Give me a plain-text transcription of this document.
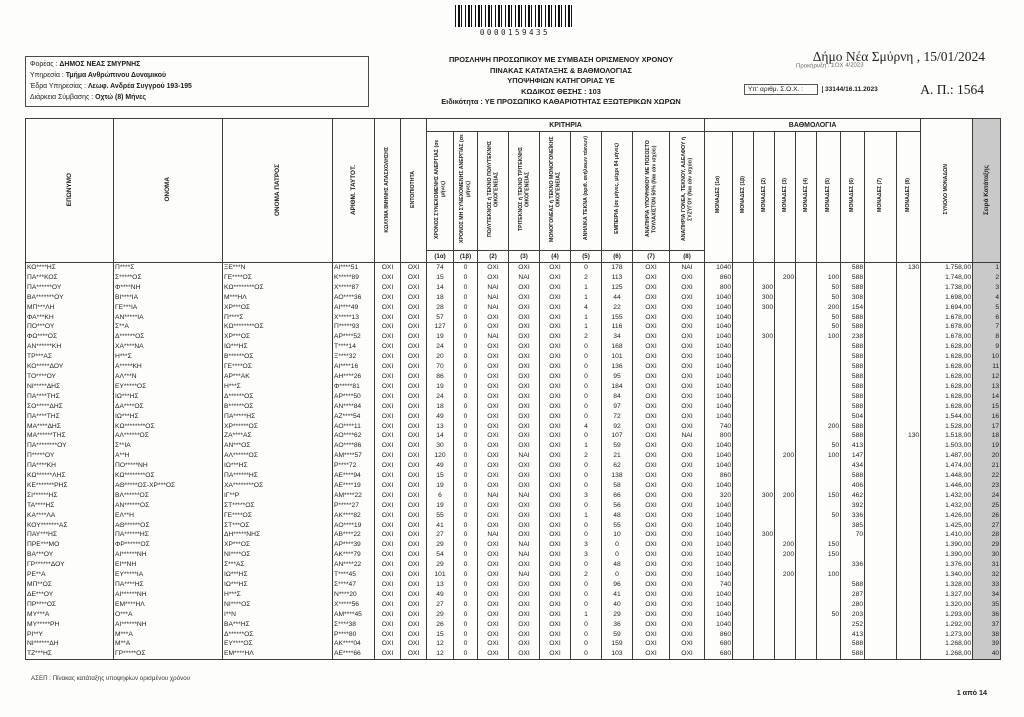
0000159435
Φορέας : ΔΗΜΟΣ ΝΕΑΣ ΣΜΥΡΝΗΣ
Υπηρεσία : Τμήμα Ανθρώπινου Δυναμικού
Έδρα Υπηρεσίας : Λεωφ. Ανδρέα Συγγρού 193-195
Διάρκεια Σύμβασης : Οχτώ (8) Μήνες
ΠΡΟΣΛΗΨΗ ΠΡΟΣΩΠΙΚΟΥ ΜΕ ΣΥΜΒΑΣΗ ΟΡΙΣΜΕΝΟΥ ΧΡΟΝΟΥ
ΠΙΝΑΚΑΣ ΚΑΤΑΤΑΞΗΣ & ΒΑΘΜΟΛΟΓΙΑΣ
ΥΠΟΨΗΦΙΩΝ ΚΑΤΗΓΟΡΙΑΣ ΥΕ
ΚΩΔΙΚΟΣ ΘΕΣΗΣ : 103
Ειδικότητα : ΥΕ ΠΡΟΣΩΠΙΚΟ ΚΑΘΑΡΙΟΤΗΤΑΣ ΕΞΩΤΕΡΙΚΩΝ ΧΩΡΩΝ
Δήμο Νέα Σμύρνη , 15/01/2024
Προκήρυξη : ΣΟΧ 4/2023
Υπ' αριθμ. Σ.Ο.Χ. :	33144/16.11.2023	Α. Π.: 1564
ΕΠΩΝΥΜΟ	ΟΝΟΜΑ	ΟΝΟΜΑ ΠΑΤΡΟΣ	ΑΡΙΘΜ. ΤΑΥΤΟΤ.	ΚΩΛΥΜΑ 8ΜΗΝΗΣ ΑΠΑΣΧΟΛΗΣΗΣ	ΕΝΤΟΠΙΟΤΗΤΑ	ΚΡΙΤΗΡΙΑ									ΒΑΘΜΟΛΟΓΙΑ									ΣΥΝΟΛΟ ΜΟΝΑΔΩΝ	Σειρά Κατάταξης
						ΧΡΟΝΟΣ ΣΥΝΕΧΟΜΕΝΗΣ ΑΝΕΡΓΙΑΣ (σε μήνες)	ΧΡΟΝΟΣ ΜΗ ΣΥΝΕΧΟΜΕΝΗΣ ΑΝΕΡΓΙΑΣ (σε μήνες)	ΠΟΛΥΤΕΚΝΟΣ ή ΤΕΚΝΟ ΠΟΛΥΤΕΚΝΗΣ ΟΙΚΟΓΕΝΕΙΑΣ	ΤΡΙΤΕΚΝΟΣ ή ΤΕΚΝΟ ΤΡΙΤΕΚΝΗΣ ΟΙΚΟΓΕΝΕΙΑΣ	ΜΟΝΟΓΟΝΕΑΣ ή ΤΕΚΝΟ ΜΟΝΟΓΟΝΕΪΚΗΣ ΟΙΚΟΓΕΝΕΙΑΣ	ΑΝΗΛΙΚΑ ΤΕΚΝΑ (αριθ. ανήλικων τέκνων)	ΕΜΠΕΙΡΙΑ (σε μήνες, μέχρι 84 μήνες)	ΑΝΑΠΗΡΙΑ ΥΠΟΨΗΦΙΟΥ ΜΕ ΠΟΣΟΣΤΟ ΤΟΥΛΑΧΙΣΤΟΝ 50% (Ναι εάν ισχύει)	ΑΝΑΠΗΡΙΑ ΓΟΝΕΑ, ΤΕΚΝΟΥ, ΑΔΕΛΦΟΥ ή ΣΥΖΥΓΟΥ (Ναι εάν ισχύει)	ΜΟΝΑΔΕΣ (1α)	ΜΟΝΑΔΕΣ (1β)	ΜΟΝΑΔΕΣ (2)	ΜΟΝΑΔΕΣ (3)	ΜΟΝΑΔΕΣ (4)	ΜΟΝΑΔΕΣ (5)	ΜΟΝΑΔΕΣ (6)	ΜΟΝΑΔΕΣ (7)	ΜΟΝΑΔΕΣ (8)		
						(1α)	(1β)	(2)	(3)	(4)	(5)	(6)	(7)	(8)											
ΚΟ****ΗΣ	Π****Σ	ΞΕ***Ν	ΑΙ****51	ΟΧΙ	ΟΧΙ	74	0	ΟΧΙ	ΟΧΙ	ΟΧΙ	0	178	ΟΧΙ	ΝΑΙ	1040						588		130	1.758,00	1
ΠΑ***ΚΟΣ	Σ*****ΟΣ	ΓΕ****ΟΣ	Κ*****89	ΟΧΙ	ΟΧΙ	15	0	ΟΧΙ	ΝΑΙ	ΟΧΙ	2	113	ΟΧΙ	ΟΧΙ	860			200		100	588			1.748,00	2
ΠΑ******ΟΥ	Φ****ΝΗ	ΚΩ********ΟΣ	Χ*****87	ΟΧΙ	ΟΧΙ	14	0	ΝΑΙ	ΟΧΙ	ΟΧΙ	1	125	ΟΧΙ	ΟΧΙ	800		300			50	588			1.738,00	3
ΒΑ*******ΟΥ	ΒΙ****ΙΑ	Μ***ΗΛ	ΑΟ****36	ΟΧΙ	ΟΧΙ	18	0	ΝΑΙ	ΟΧΙ	ΟΧΙ	1	44	ΟΧΙ	ΟΧΙ	1040		300			50	308			1.698,00	4
ΜΠ***ΛΗ	ΓΕ***ΙΑ	ΧΡ***ΟΣ	ΑΙ****49	ΟΧΙ	ΟΧΙ	28	0	ΝΑΙ	ΟΧΙ	ΟΧΙ	4	22	ΟΧΙ	ΟΧΙ	1040		300			200	154			1.694,00	5
ΦΑ***ΚΗ	ΑΝ*****ΙΑ	Π****Σ	Χ*****13	ΟΧΙ	ΟΧΙ	57	0	ΟΧΙ	ΟΧΙ	ΟΧΙ	1	155	ΟΧΙ	ΟΧΙ	1040					50	588			1.678,00	6
ΠΟ***ΟΥ	Σ**Α	ΚΩ********ΟΣ	Π*****93	ΟΧΙ	ΟΧΙ	127	0	ΟΧΙ	ΟΧΙ	ΟΧΙ	1	116	ΟΧΙ	ΟΧΙ	1040					50	588			1.678,00	7
ΦΩ****ΟΣ	Δ******ΟΣ	ΧΡ***ΟΣ	ΑΡ****52	ΟΧΙ	ΟΧΙ	19	0	ΝΑΙ	ΟΧΙ	ΟΧΙ	2	34	ΟΧΙ	ΟΧΙ	1040		300			100	238			1.678,00	8
ΑΝ******ΚΗ	ΧΑ****ΝΑ	ΙΩ***ΗΣ	Τ****14	ΟΧΙ	ΟΧΙ	24	0	ΟΧΙ	ΟΧΙ	ΟΧΙ	0	168	ΟΧΙ	ΟΧΙ	1040						588			1.628,00	9
ΤΡ***ΑΣ	Η***Σ	Β******ΟΣ	Ξ****32	ΟΧΙ	ΟΧΙ	20	0	ΟΧΙ	ΟΧΙ	ΟΧΙ	0	101	ΟΧΙ	ΟΧΙ	1040						588			1.628,00	10
ΚΟ*****ΔΟΥ	Α*****ΚΗ	ΓΕ****ΟΣ	ΑΙ****16	ΟΧΙ	ΟΧΙ	70	0	ΟΧΙ	ΟΧΙ	ΟΧΙ	0	136	ΟΧΙ	ΟΧΙ	1040						588			1.628,00	11
ΤΟ****ΟΥ	ΑΛ***Ν	ΑΡ***ΑΚ	ΑΗ****26	ΟΧΙ	ΟΧΙ	86	0	ΟΧΙ	ΟΧΙ	ΟΧΙ	0	95	ΟΧΙ	ΟΧΙ	1040						588			1.628,00	12
ΝΙ*****ΔΗΣ	ΕΥ*****ΟΣ	Η***Σ	Φ*****81	ΟΧΙ	ΟΧΙ	19	0	ΟΧΙ	ΟΧΙ	ΟΧΙ	0	184	ΟΧΙ	ΟΧΙ	1040						588			1.628,00	13
ΠΑ****ΤΗΣ	ΙΩ***ΗΣ	Δ******ΟΣ	ΑΡ****50	ΟΧΙ	ΟΧΙ	24	0	ΟΧΙ	ΟΧΙ	ΟΧΙ	0	84	ΟΧΙ	ΟΧΙ	1040						588			1.628,00	14
ΣΟ*****ΔΗΣ	ΔΑ****ΟΣ	Β******ΟΣ	ΑΝ****84	ΟΧΙ	ΟΧΙ	18	0	ΟΧΙ	ΟΧΙ	ΟΧΙ	0	97	ΟΧΙ	ΟΧΙ	1040						588			1.628,00	15
ΠΑ****ΤΗΣ	ΙΩ***ΗΣ	ΠΑ*****ΗΣ	ΑΖ****54	ΟΧΙ	ΟΧΙ	49	0	ΟΧΙ	ΟΧΙ	ΟΧΙ	0	72	ΟΧΙ	ΟΧΙ	1040						504			1.544,00	16
ΜΑ****ΔΗΣ	ΚΩ********ΟΣ	ΧΡ******ΟΣ	ΑΟ****11	ΟΧΙ	ΟΧΙ	13	0	ΟΧΙ	ΟΧΙ	ΟΧΙ	4	92	ΟΧΙ	ΟΧΙ	740					200	588			1.528,00	17
ΜΑ******ΤΗΣ	ΑΛ******ΟΣ	ΖΑ****ΑΣ	ΑΟ****62	ΟΧΙ	ΟΧΙ	14	0	ΟΧΙ	ΟΧΙ	ΟΧΙ	0	107	ΟΧΙ	ΝΑΙ	800						588		130	1.518,00	18
ΠΑ********ΟΥ	Σ**ΙΑ	ΑΝ***ΟΣ	ΑΟ****86	ΟΧΙ	ΟΧΙ	30	0	ΟΧΙ	ΟΧΙ	ΟΧΙ	1	59	ΟΧΙ	ΟΧΙ	1040					50	413			1.503,00	19
Π*****ΟΥ	Α**Η	ΑΛ******ΟΣ	ΑΜ****57	ΟΧΙ	ΟΧΙ	120	0	ΟΧΙ	ΝΑΙ	ΟΧΙ	2	21	ΟΧΙ	ΟΧΙ	1040			200		100	147			1.487,00	20
ΠΑ****ΚΗ	ΠΟ*****ΝΗ	ΙΩ***ΗΣ	Ρ****72	ΟΧΙ	ΟΧΙ	49	0	ΟΧΙ	ΟΧΙ	ΟΧΙ	0	62	ΟΧΙ	ΟΧΙ	1040						434			1.474,00	21
ΚΩ******ΛΗΣ	ΚΩ********ΟΣ	ΠΑ******ΗΣ	ΑΕ****94	ΟΧΙ	ΟΧΙ	15	0	ΟΧΙ	ΟΧΙ	ΟΧΙ	0	138	ΟΧΙ	ΟΧΙ	860						588			1.448,00	22
ΚΕ*******ΡΗΣ	ΑΘ*****ΟΣ-ΧΡ***ΟΣ	ΧΑ********ΟΣ	ΑΕ****19	ΟΧΙ	ΟΧΙ	19	0	ΟΧΙ	ΟΧΙ	ΟΧΙ	0	58	ΟΧΙ	ΟΧΙ	1040						406			1.446,00	23
ΣΙ******ΗΣ	ΒΛ******ΟΣ	ΙΓ**Ρ	ΑΜ****22	ΟΧΙ	ΟΧΙ	6	0	ΝΑΙ	ΝΑΙ	ΟΧΙ	3	66	ΟΧΙ	ΟΧΙ	320		300	200		150	462			1.432,00	24
ΤΑ****ΗΣ	ΑΝ******ΟΣ	ΣΤ*****ΟΣ	Ρ*****27	ΟΧΙ	ΟΧΙ	19	0	ΟΧΙ	ΟΧΙ	ΟΧΙ	0	56	ΟΧΙ	ΟΧΙ	1040						392			1.432,00	25
ΚΑ****ΛΑ	ΕΛ**Η	ΓΕ****ΟΣ	ΑΚ****82	ΟΧΙ	ΟΧΙ	55	0	ΟΧΙ	ΟΧΙ	ΟΧΙ	1	48	ΟΧΙ	ΟΧΙ	1040					50	336			1.426,00	26
ΚΟΥ*******ΑΣ	ΑΘ******ΟΣ	ΣΤ***ΟΣ	ΑΟ****19	ΟΧΙ	ΟΧΙ	41	0	ΟΧΙ	ΟΧΙ	ΟΧΙ	0	55	ΟΧΙ	ΟΧΙ	1040						385			1.425,00	27
ΠΑΥ***ΗΣ	ΠΑ******ΗΣ	ΔΗ*****ΝΗΣ	ΑΒ****22	ΟΧΙ	ΟΧΙ	27	0	ΝΑΙ	ΟΧΙ	ΟΧΙ	0	10	ΟΧΙ	ΟΧΙ	1040		300				70			1.410,00	28
ΠΡΕ***ΜΟ	ΦΡ******ΟΣ	ΧΡ***ΟΣ	ΑΡ****39	ΟΧΙ	ΟΧΙ	29	0	ΟΧΙ	ΝΑΙ	ΟΧΙ	3	0	ΟΧΙ	ΟΧΙ	1040			200		150				1.390,00	29
ΒΑ***ΟΥ	ΑΙ******ΝΗ	ΝΙ****ΟΣ	ΑΚ****79	ΟΧΙ	ΟΧΙ	54	0	ΟΧΙ	ΝΑΙ	ΟΧΙ	3	0	ΟΧΙ	ΟΧΙ	1040			200		150				1.390,00	30
ΓΡ******ΔΟΥ	ΕΙ**ΝΗ	Σ***ΑΣ	ΑΝ****22	ΟΧΙ	ΟΧΙ	29	0	ΟΧΙ	ΟΧΙ	ΟΧΙ	0	48	ΟΧΙ	ΟΧΙ	1040						336			1.376,00	31
ΡΕ**Α	ΕΥ*****ΙΑ	ΙΩ***ΗΣ	Τ****45	ΟΧΙ	ΟΧΙ	101	0	ΟΧΙ	ΝΑΙ	ΟΧΙ	2	0	ΟΧΙ	ΟΧΙ	1040			200		100				1.340,00	32
ΜΠ**ΟΣ	ΠΑ****ΗΣ	ΙΩ***ΗΣ	Σ****47	ΟΧΙ	ΟΧΙ	13	0	ΟΧΙ	ΟΧΙ	ΟΧΙ	0	96	ΟΧΙ	ΟΧΙ	740						588			1.328,00	33
ΔΕ***ΟΥ	ΑΙ******ΝΗ	Η***Σ	Ν****20	ΟΧΙ	ΟΧΙ	49	0	ΟΧΙ	ΟΧΙ	ΟΧΙ	0	41	ΟΧΙ	ΟΧΙ	1040						287			1.327,00	34
ΠΡ****ΟΣ	ΕΜ****ΗΛ	ΝΙ****ΟΣ	Χ*****56	ΟΧΙ	ΟΧΙ	27	0	ΟΧΙ	ΟΧΙ	ΟΧΙ	0	40	ΟΧΙ	ΟΧΙ	1040						280			1.320,00	35
ΜΥ***Α	Ο***Α	Ι**Ν	ΑΜ****45	ΟΧΙ	ΟΧΙ	29	0	ΟΧΙ	ΟΧΙ	ΟΧΙ	1	29	ΟΧΙ	ΟΧΙ	1040					50	203			1.293,00	36
ΜΥ*****ΡΗ	ΑΙ******ΝΗ	ΒΑ***ΗΣ	Σ****38	ΟΧΙ	ΟΧΙ	26	0	ΟΧΙ	ΟΧΙ	ΟΧΙ	0	36	ΟΧΙ	ΟΧΙ	1040						252			1.292,00	37
ΡΙ**Υ	Μ***Α	Δ******ΟΣ	Ρ****80	ΟΧΙ	ΟΧΙ	15	0	ΟΧΙ	ΟΧΙ	ΟΧΙ	0	59	ΟΧΙ	ΟΧΙ	860						413			1.273,00	38
ΝΙ******ΔΗ	Μ**Α	ΕΥ****ΟΣ	ΑΚ****04	ΟΧΙ	ΟΧΙ	12	0	ΟΧΙ	ΟΧΙ	ΟΧΙ	0	159	ΟΧΙ	ΟΧΙ	680						588			1.268,00	39
ΤΖ***ΗΣ	ΓΡ*****ΟΣ	ΕΜ****ΗΛ	ΑΕ****66	ΟΧΙ	ΟΧΙ	12	0	ΟΧΙ	ΟΧΙ	ΟΧΙ	0	103	ΟΧΙ	ΟΧΙ	680						588			1.268,00	40
ΑΣΕΠ : Πίνακας κατάταξης υποψηφίων ορισμένου χρόνου
1 από 14
